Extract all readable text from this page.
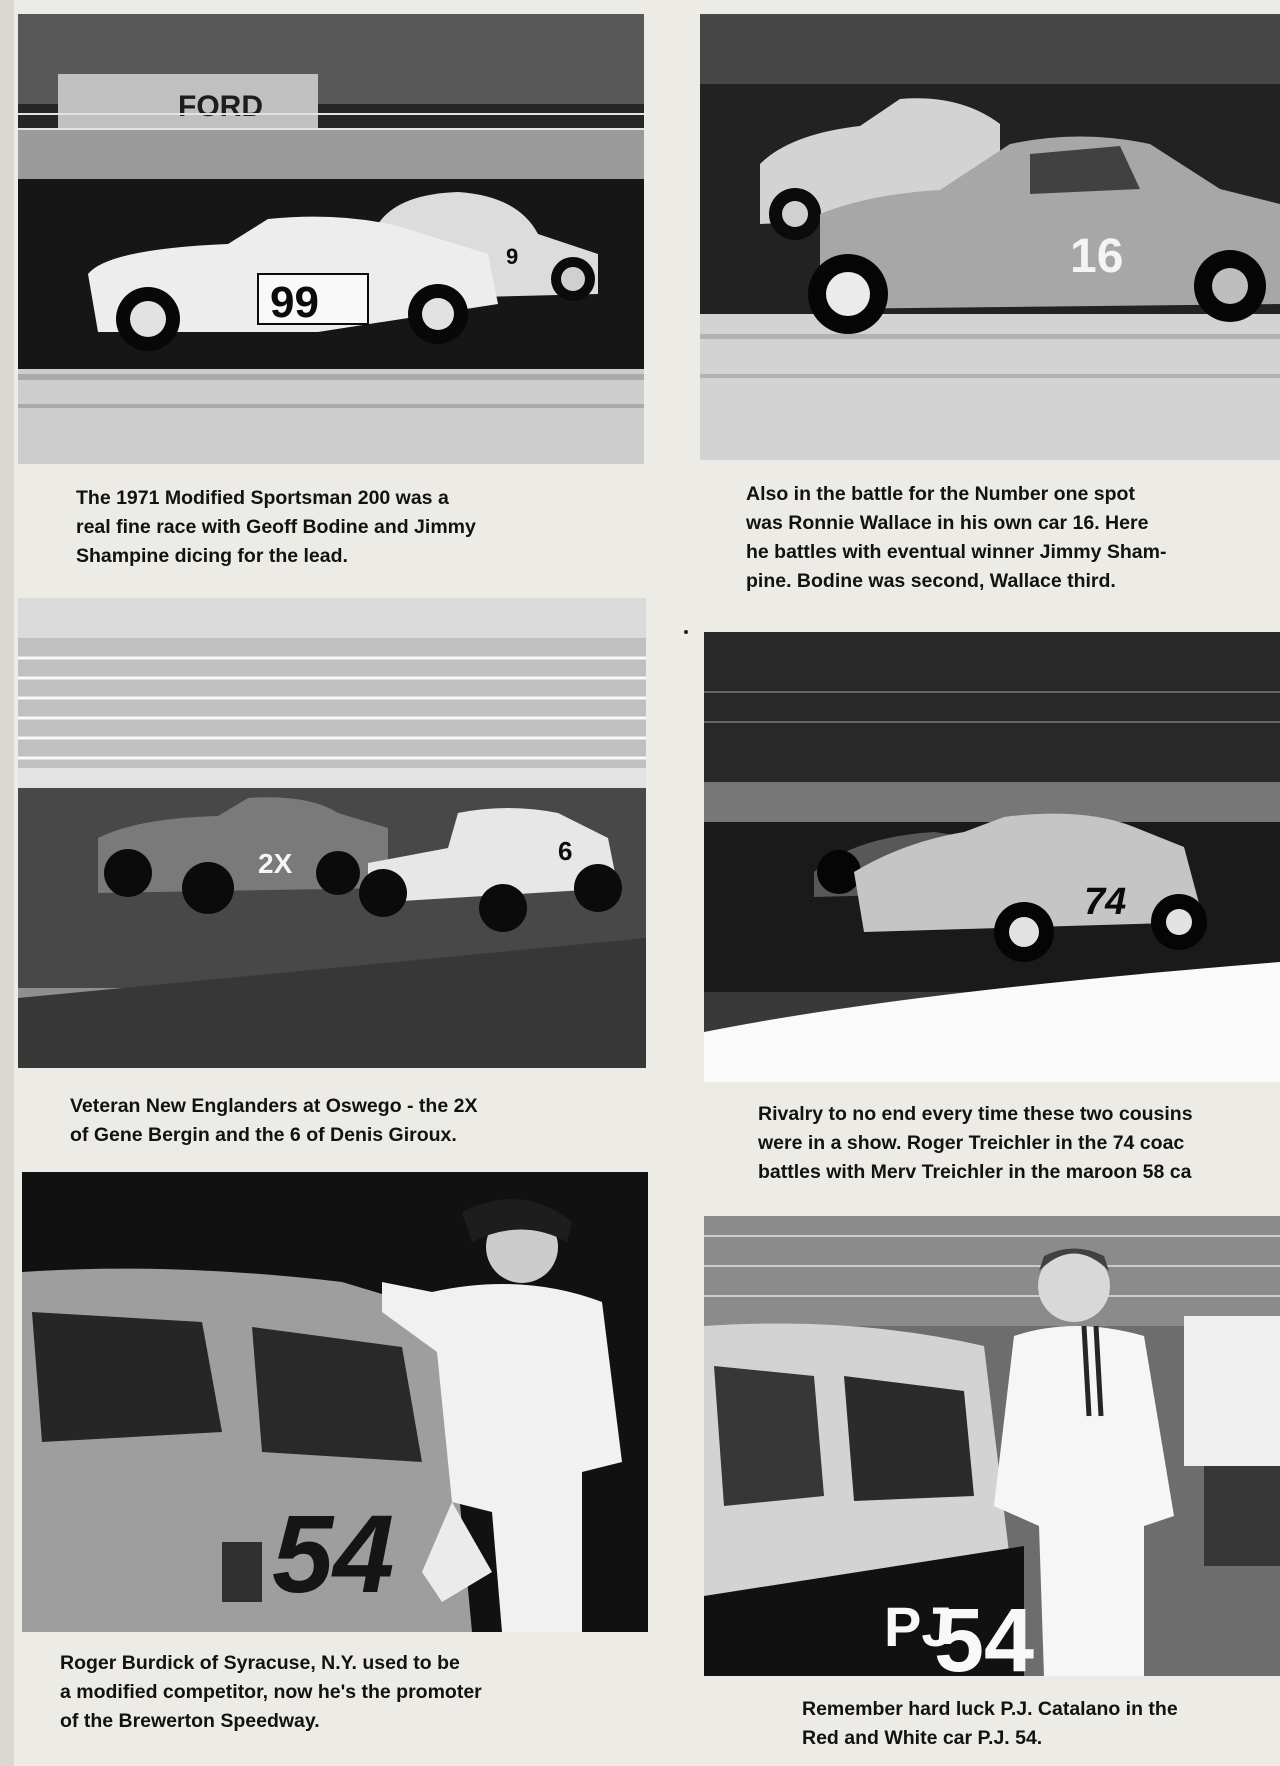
FORD
9
99
16
2X	6
74
54
PJ
54

The 1971 Modified Sportsman 200 was a
real fine race with Geoff Bodine and Jimmy
Shampine dicing for the lead.

Also in the battle for the Number one spot
was Ronnie Wallace in his own car 16. Here
he battles with eventual winner Jimmy Sham-
pine. Bodine was second, Wallace third.

Veteran New Englanders at Oswego - the 2X
of Gene Bergin and the 6 of Denis Giroux.

Rivalry to no end every time these two cousins
were in a show. Roger Treichler in the 74 coac
battles with Merv Treichler in the maroon 58 ca

Roger Burdick of Syracuse, N.Y. used to be
a modified competitor, now he's the promoter
of the Brewerton Speedway.

Remember hard luck P.J. Catalano in the
Red and White car P.J. 54.
